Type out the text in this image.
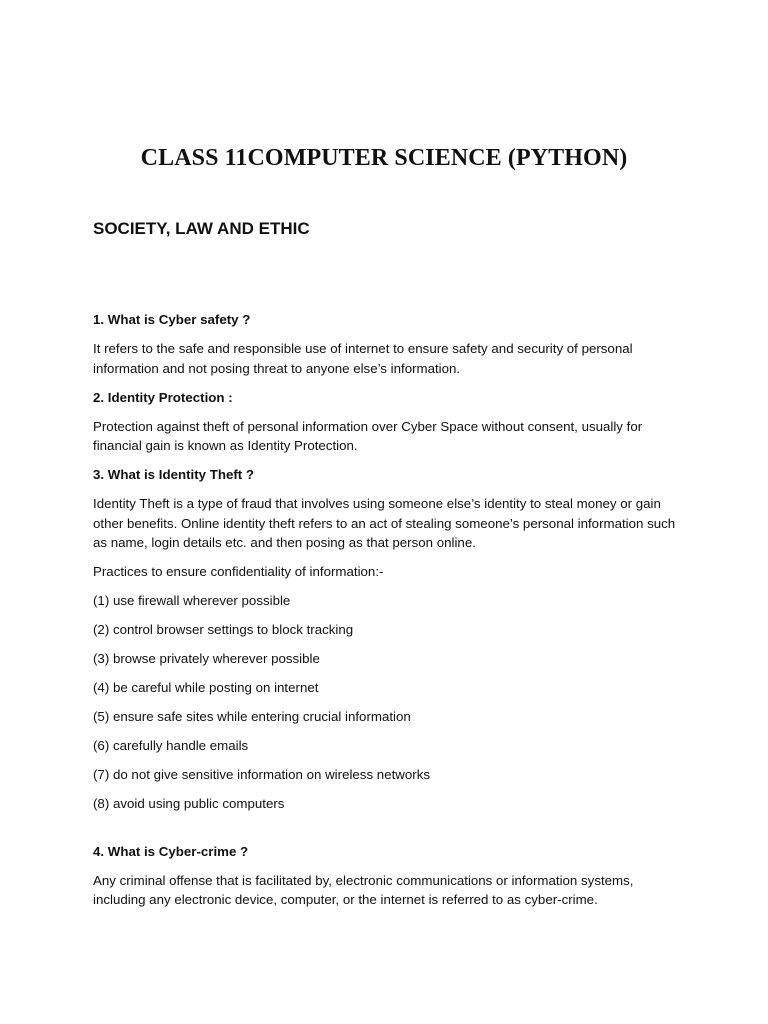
CLASS 11COMPUTER SCIENCE (PYTHON)
SOCIETY, LAW AND ETHIC
1. What is Cyber safety ?
It refers to the safe and responsible use of internet to ensure safety and security of personal information and not posing threat to anyone else’s information.
2. Identity Protection :
Protection against theft of personal information over Cyber Space without consent, usually for financial gain is known as Identity Protection.
3. What is Identity Theft ?
Identity Theft is a type of fraud that involves using someone else’s identity to steal money or gain other benefits. Online identity theft refers to an act of stealing someone’s personal information such as name, login details etc. and then posing as that person online.
Practices to ensure confidentiality of information:-
(1) use firewall wherever possible
(2) control browser settings to block tracking
(3) browse privately wherever possible
(4) be careful while posting on internet
(5) ensure safe sites while entering crucial information
(6) carefully handle emails
(7) do not give sensitive information on wireless networks
(8) avoid using public computers
4. What is Cyber-crime ?
Any criminal offense that is facilitated by, electronic communications or information systems, including any electronic device, computer, or the internet is referred to as cyber-crime.
